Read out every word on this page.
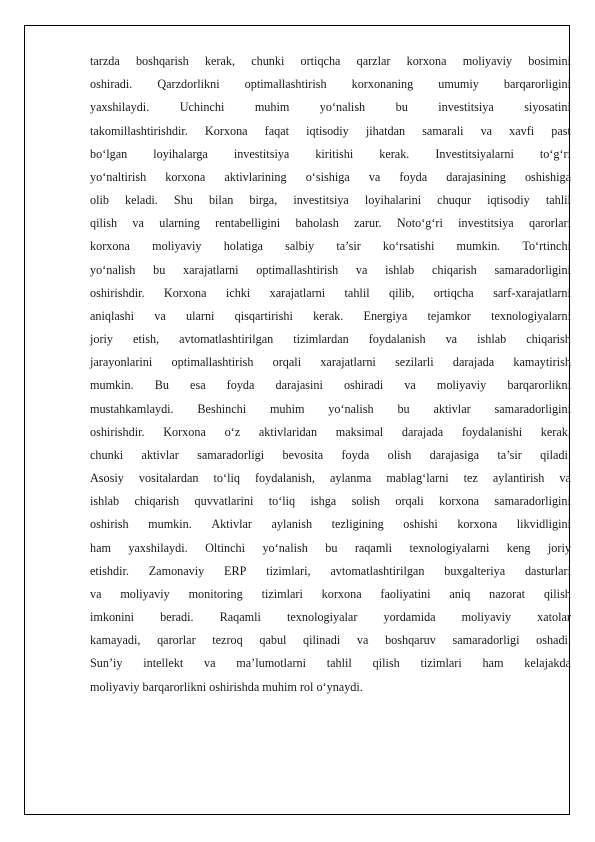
tarzda boshqarish kerak, chunki ortiqcha qarzlar korxona moliyaviy bosimini
oshiradi. Qarzdorlikni optimallashtirish korxonaning umumiy barqarorligini
yaxshilaydi. Uchinchi muhim yo‘nalish bu investitsiya siyosatini
takomillashtirishdir. Korxona faqat iqtisodiy jihatdan samarali va xavfi past
bo‘lgan loyihalarga investitsiya kiritishi kerak. Investitsiyalarni to‘g‘ri
yo‘naltirish korxona aktivlarining o‘sishiga va foyda darajasining oshishiga
olib keladi. Shu bilan birga, investitsiya loyihalarini chuqur iqtisodiy tahlil
qilish va ularning rentabelligini baholash zarur. Noto‘g‘ri investitsiya qarorlari
korxona moliyaviy holatiga salbiy ta’sir ko‘rsatishi mumkin. To‘rtinchi
yo‘nalish bu xarajatlarni optimallashtirish va ishlab chiqarish samaradorligini
oshirishdir. Korxona ichki xarajatlarni tahlil qilib, ortiqcha sarf-xarajatlarni
aniqlashi va ularni qisqartirishi kerak. Energiya tejamkor texnologiyalarni
joriy etish, avtomatlashtirilgan tizimlardan foydalanish va ishlab chiqarish
jarayonlarini optimallashtirish orqali xarajatlarni sezilarli darajada kamaytirish
mumkin. Bu esa foyda darajasini oshiradi va moliyaviy barqarorlikni
mustahkamlaydi. Beshinchi muhim yo‘nalish bu aktivlar samaradorligini
oshirishdir. Korxona o‘z aktivlaridan maksimal darajada foydalanishi kerak,
chunki aktivlar samaradorligi bevosita foyda olish darajasiga ta’sir qiladi.
Asosiy vositalardan to‘liq foydalanish, aylanma mablag‘larni tez aylantirish va
ishlab chiqarish quvvatlarini to‘liq ishga solish orqali korxona samaradorligini
oshirish mumkin. Aktivlar aylanish tezligining oshishi korxona likvidligini
ham yaxshilaydi. Oltinchi yo‘nalish bu raqamli texnologiyalarni keng joriy
etishdir. Zamonaviy ERP tizimlari, avtomatlashtirilgan buxgalteriya dasturlari
va moliyaviy monitoring tizimlari korxona faoliyatini aniq nazorat qilish
imkonini beradi. Raqamli texnologiyalar yordamida moliyaviy xatolar
kamayadi, qarorlar tezroq qabul qilinadi va boshqaruv samaradorligi oshadi.
Sun’iy intellekt va ma’lumotlarni tahlil qilish tizimlari ham kelajakda
moliyaviy barqarorlikni oshirishda muhim rol o‘ynaydi.
